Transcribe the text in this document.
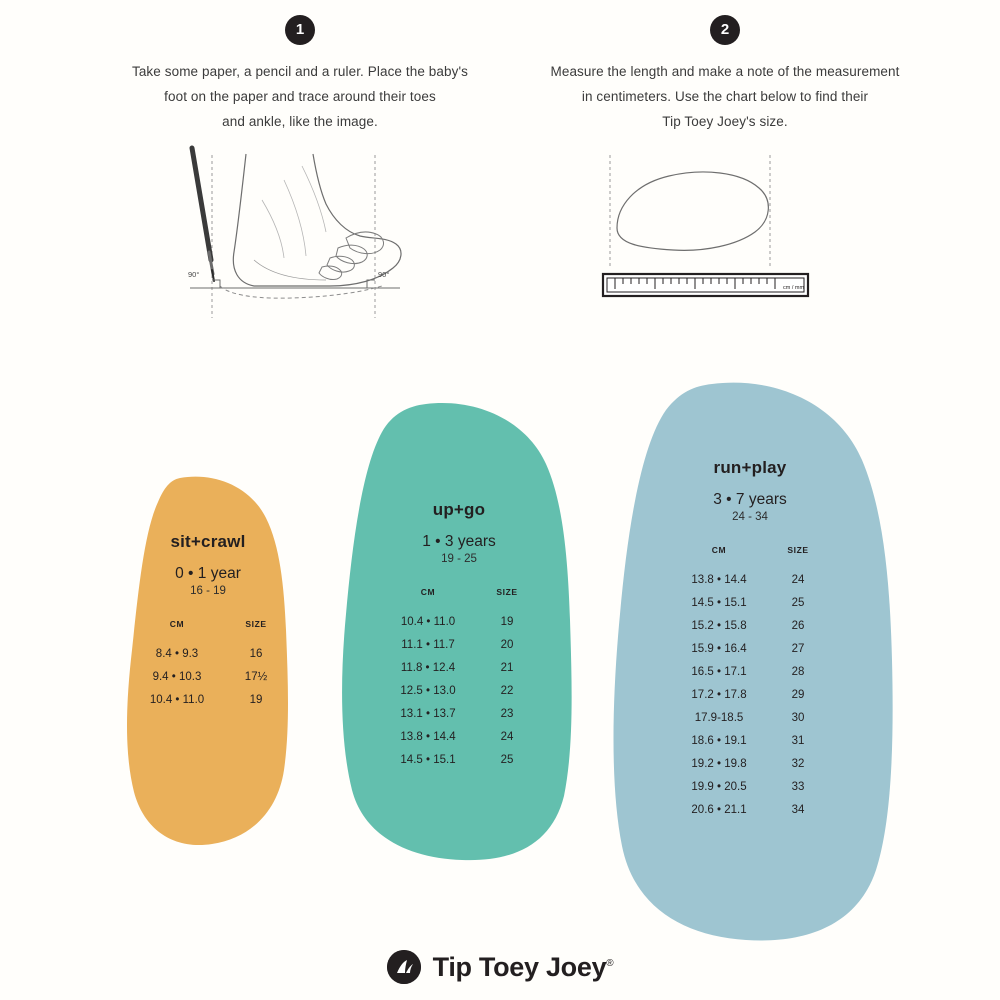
1
Take some paper, a pencil and a ruler. Place the baby's
foot on the paper and trace around their toes
and ankle, like the image.
90°	90°
2
Measure the length and make a note of the measurement
in centimeters. Use the chart below to find their
Tip Toey Joey's size.
cm / mm
sit+crawl
0 • 1 year
16 - 19
CM	SIZE
8.4 • 9.3	16
9.4 • 10.3	17½
10.4 • 11.0	19
up+go
1 • 3 years
19 - 25
CM	SIZE
10.4 • 11.0	19
11.1 • 11.7	20
11.8 • 12.4	21
12.5 • 13.0	22
13.1 • 13.7	23
13.8 • 14.4	24
14.5 • 15.1	25
run+play
3 • 7 years
24 - 34
CM	SIZE
13.8 • 14.4	24
14.5 • 15.1	25
15.2 • 15.8	26
15.9 • 16.4	27
16.5 • 17.1	28
17.2 • 17.8	29
17.9-18.5	30
18.6 • 19.1	31
19.2 • 19.8	32
19.9 • 20.5	33
20.6 • 21.1	34
Tip Toey Joey®
